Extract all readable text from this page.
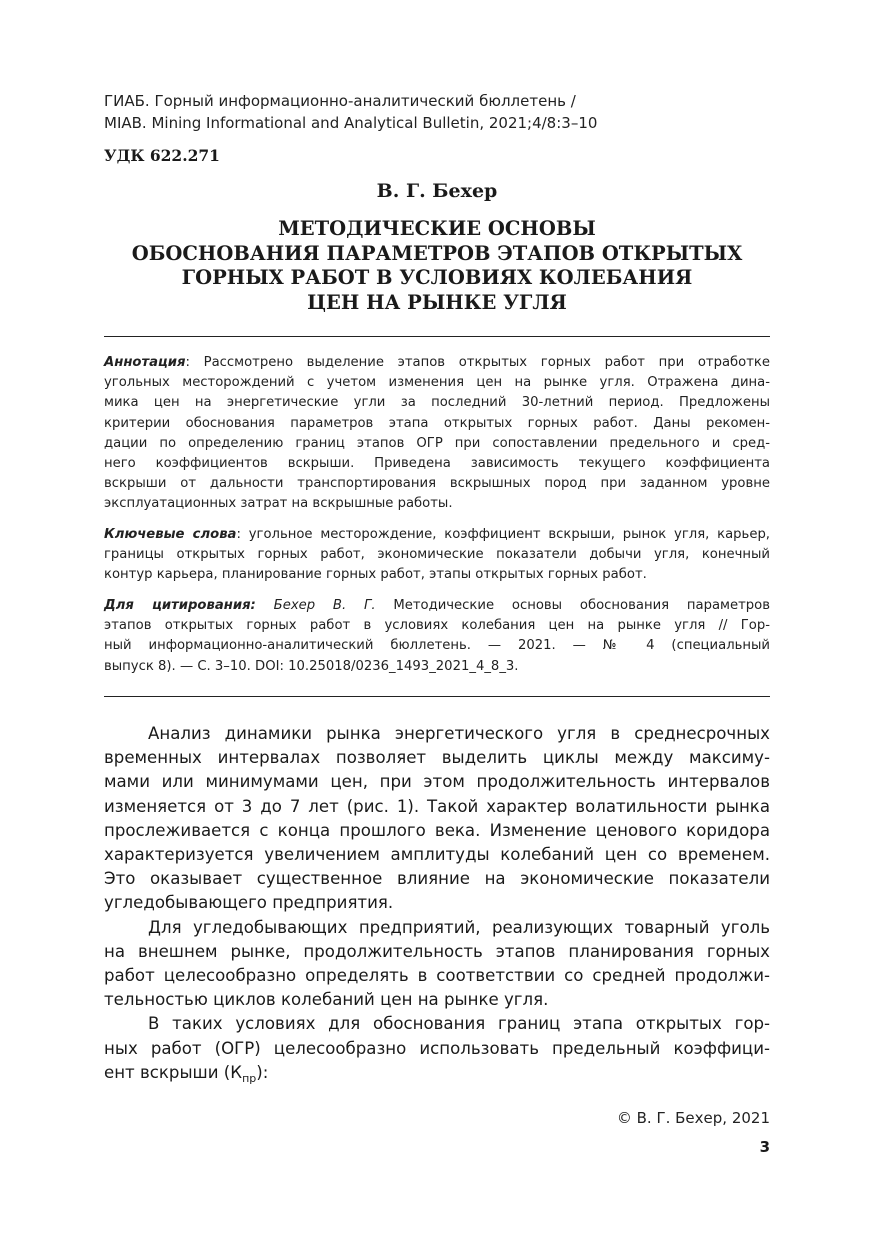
ГИАБ. Горный информационно-аналитический бюллетень /
MIAB. Mining Informational and Analytical Bulletin, 2021;4/8:3–10
УДК 622.271
В. Г. Бехер
МЕТОДИЧЕСКИЕ ОСНОВЫ
ОБОСНОВАНИЯ ПАРАМЕТРОВ ЭТАПОВ ОТКРЫТЫХ
ГОРНЫХ РАБОТ В УСЛОВИЯХ КОЛЕБАНИЯ
ЦЕН НА РЫНКЕ УГЛЯ
Аннотация: Рассмотрено выделение этапов открытых горных работ при отработке
угольных месторождений с учетом изменения цен на рынке угля. Отражена дина-
мика цен на энергетические угли за последний 30-летний период. Предложены
критерии обоснования параметров этапа открытых горных работ. Даны рекомен-
дации по определению границ этапов ОГР при сопоставлении предельного и сред-
него коэффициентов вскрыши. Приведена зависимость текущего коэффициента
вскрыши от дальности транспортирования вскрышных пород при заданном уровне
эксплуатационных затрат на вскрышные работы.
Ключевые слова: угольное месторождение, коэффициент вскрыши, рынок угля, карьер,
границы открытых горных работ, экономические показатели добычи угля, конечный
контур карьера, планирование горных работ, этапы открытых горных работ.
Для цитирования: Бехер В. Г. Методические основы обоснования параметров
этапов открытых горных работ в условиях колебания цен на рынке угля // Гор-
ный информационно-аналитический бюллетень. — 2021. — № 4 (специальный
выпуск 8). — С. 3–10. DOI: 10.25018/0236_1493_2021_4_8_3.
Анализ динамики рынка энергетического угля в среднесрочных
временных интервалах позволяет выделить циклы между максиму-
мами или минимумами цен, при этом продолжительность интервалов
изменяется от 3 до 7 лет (рис. 1). Такой характер волатильности рынка
прослеживается с конца прошлого века. Изменение ценового коридора
характеризуется увеличением амплитуды колебаний цен со временем.
Это оказывает существенное влияние на экономические показатели
угледобывающего предприятия.
Для угледобывающих предприятий, реализующих товарный уголь
на внешнем рынке, продолжительность этапов планирования горных
работ целесообразно определять в соответствии со средней продолжи-
тельностью циклов колебаний цен на рынке угля.
В таких условиях для обоснования границ этапа открытых гор-
ных работ (ОГР) целесообразно использовать предельный коэффици-
ент вскрыши $(К_{пр})$:
© В. Г. Бехер, 2021
3
